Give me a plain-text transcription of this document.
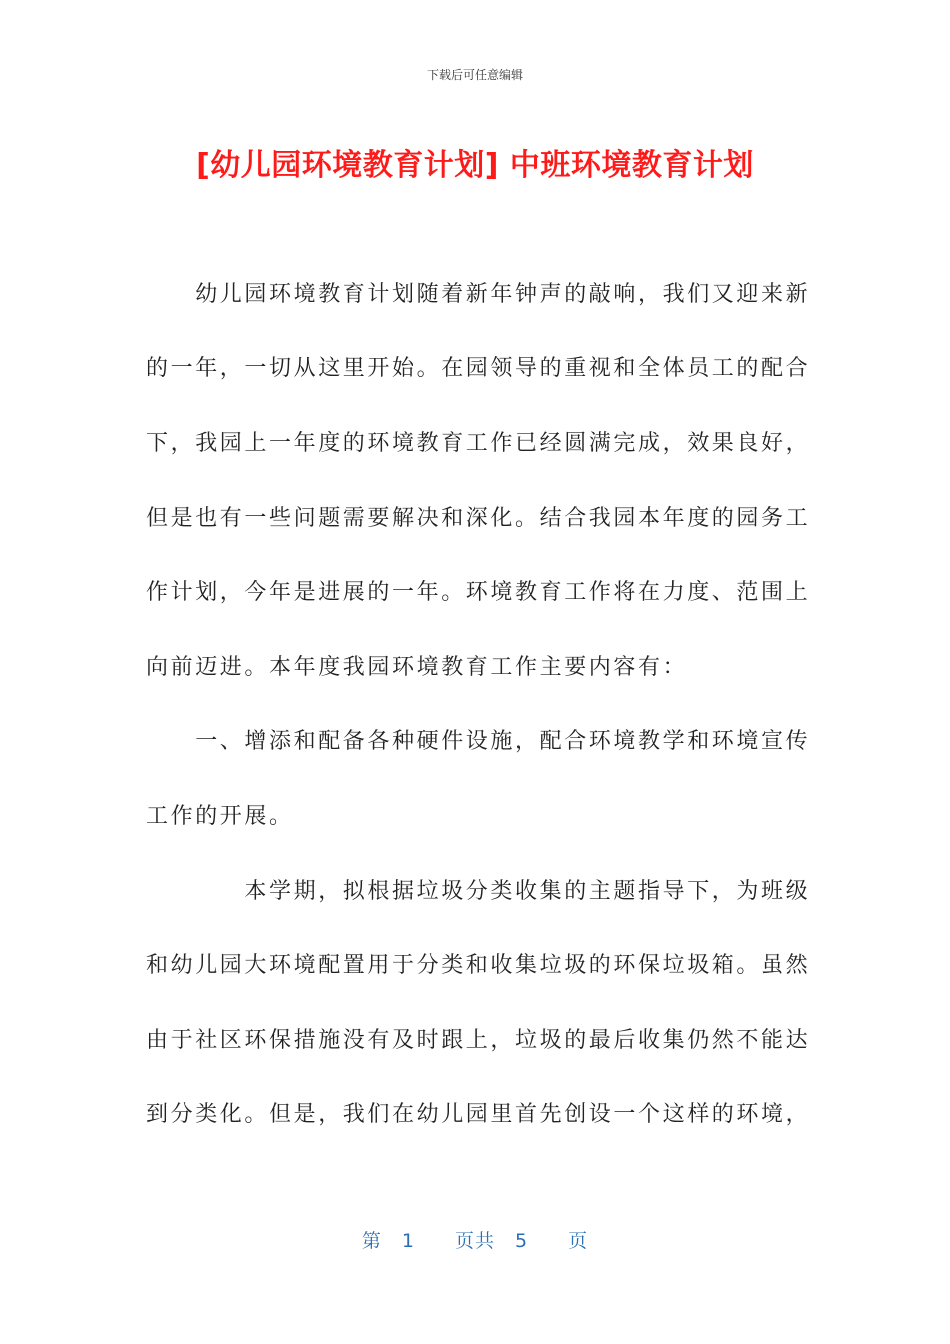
下载后可任意编辑
[幼儿园环境教育计划] 中班环境教育计划
　　幼儿园环境教育计划随着新年钟声的敲响，我们又迎来新
的一年，一切从这里开始。在园领导的重视和全体员工的配合
下，我园上一年度的环境教育工作已经圆满完成，效果良好，
但是也有一些问题需要解决和深化。结合我园本年度的园务工
作计划，今年是进展的一年。环境教育工作将在力度、范围上
向前迈进。本年度我园环境教育工作主要内容有：
　　一、增添和配备各种硬件设施，配合环境教学和环境宣传
工作的开展。
　　　　本学期，拟根据垃圾分类收集的主题指导下，为班级
和幼儿园大环境配置用于分类和收集垃圾的环保垃圾箱。虽然
由于社区环保措施没有及时跟上，垃圾的最后收集仍然不能达
到分类化。但是，我们在幼儿园里首先创设一个这样的环境，
第　1　　页共　5　　页
